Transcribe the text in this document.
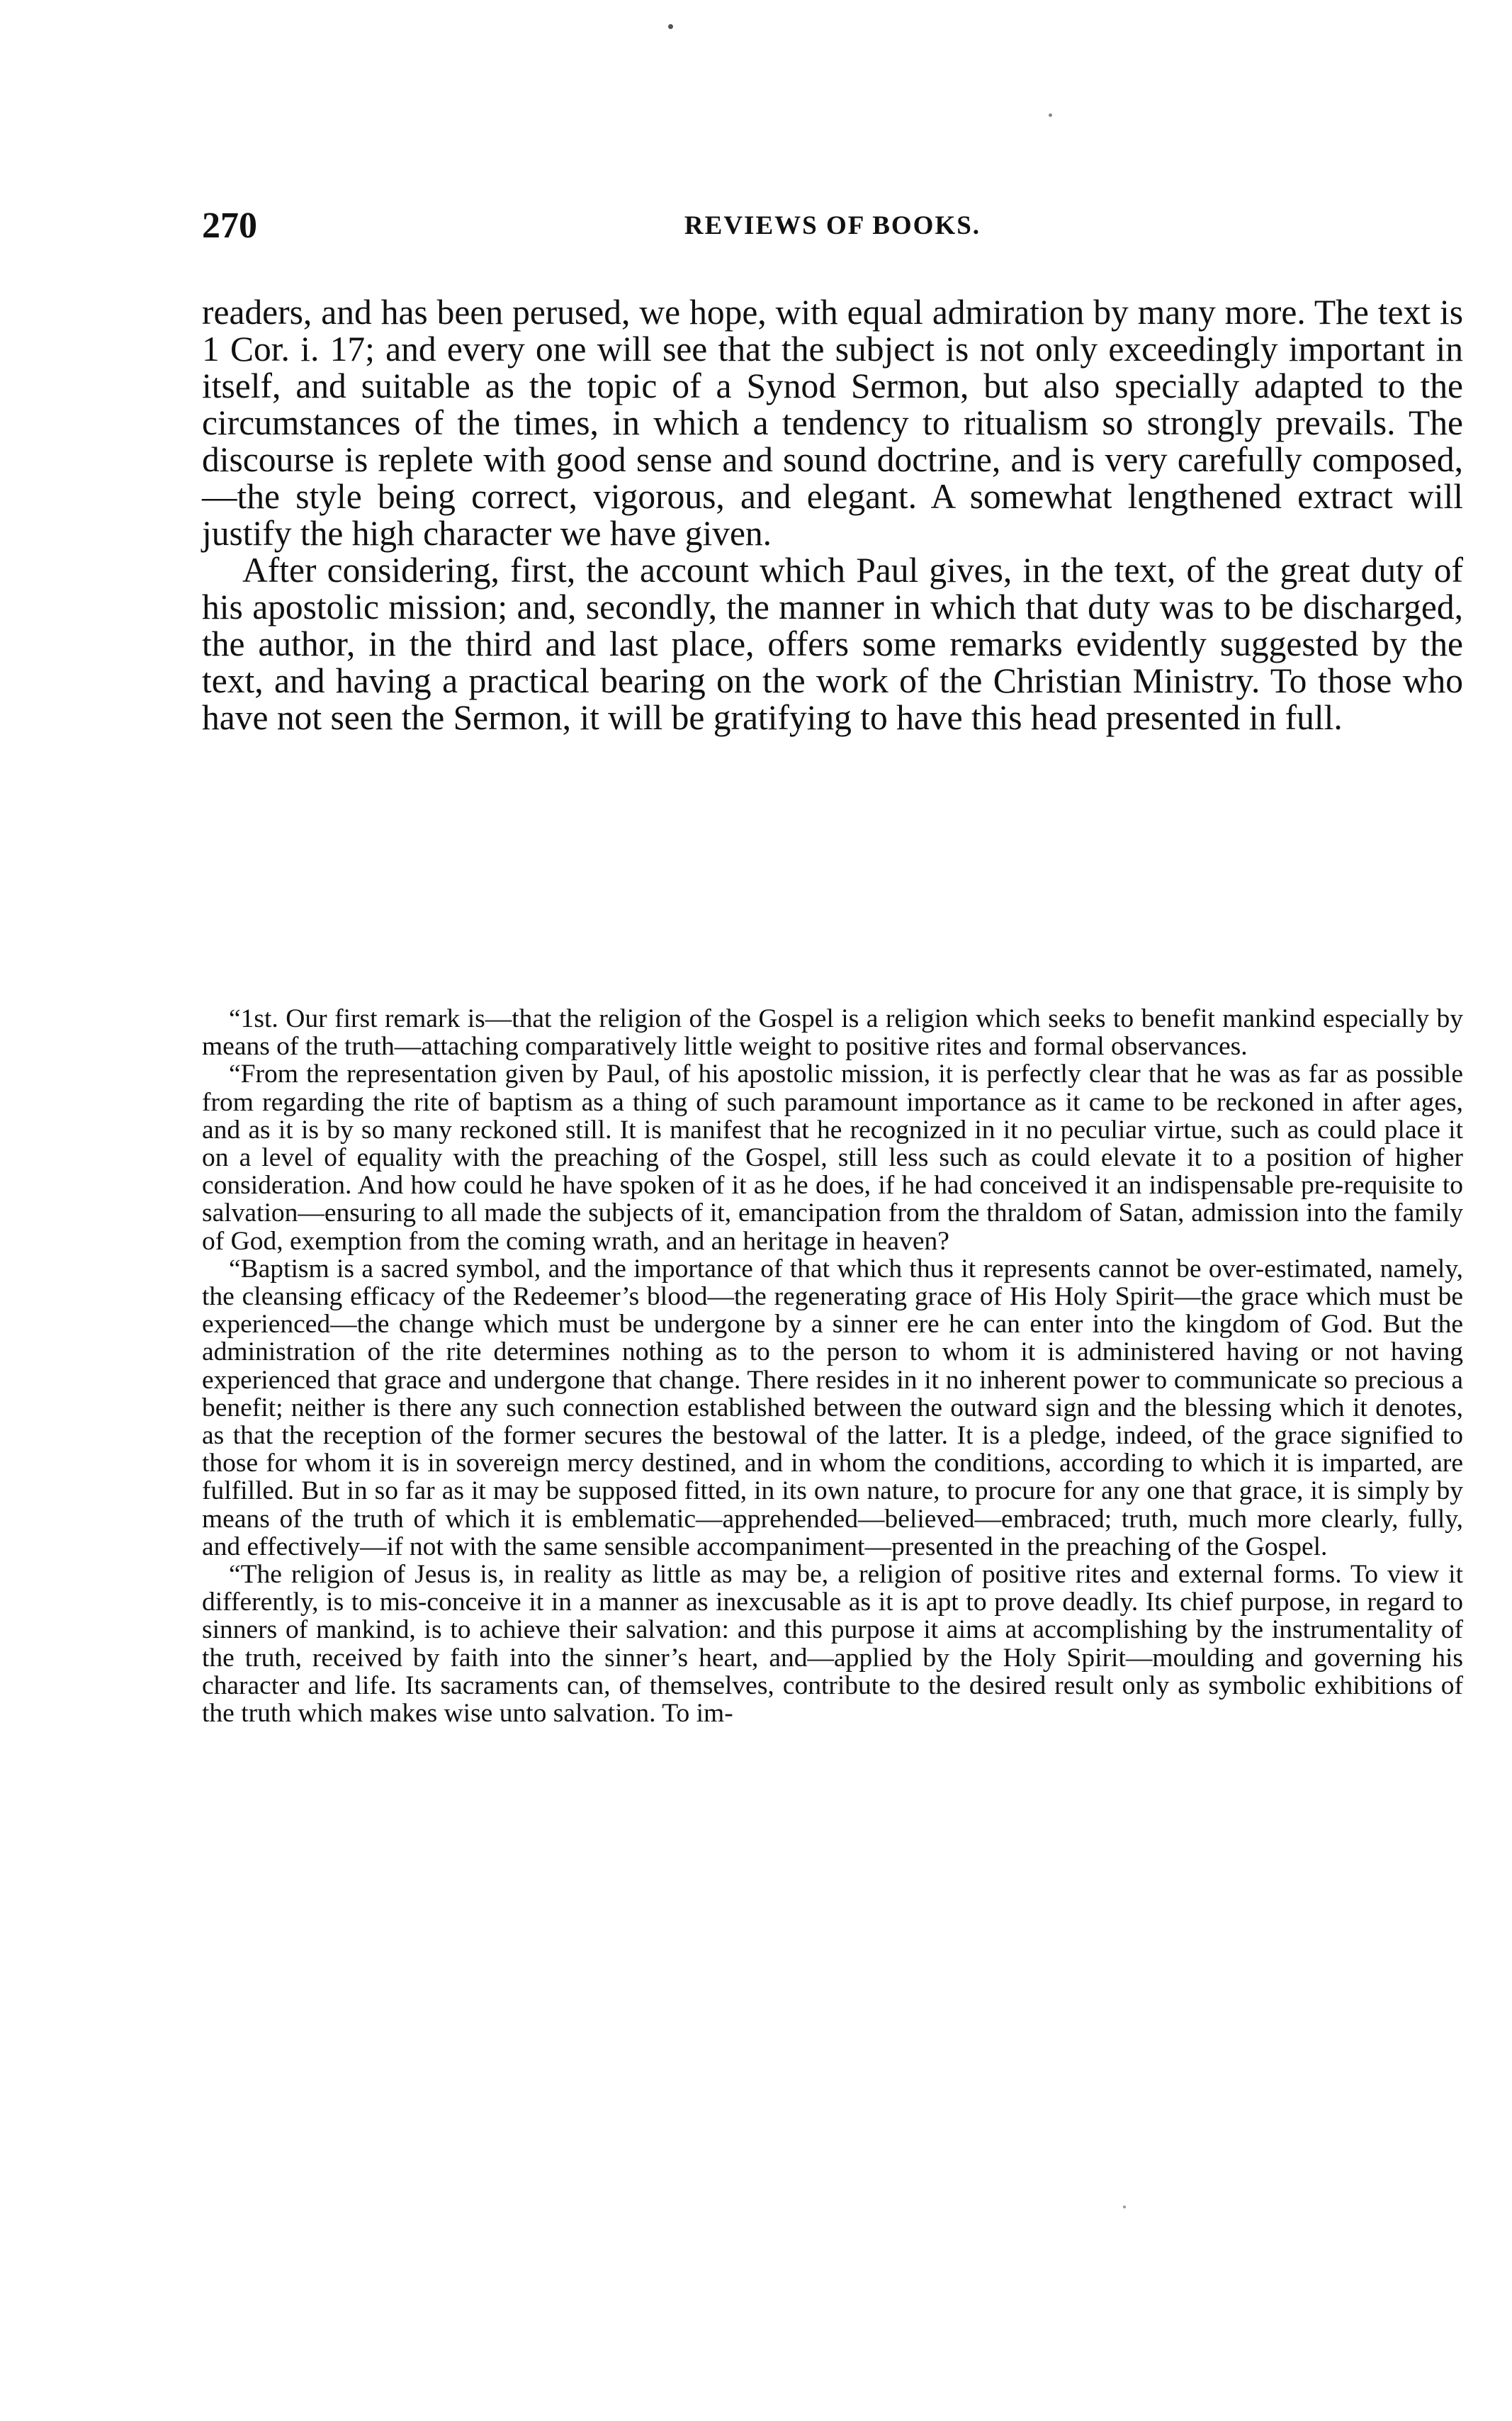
270	REVIEWS OF BOOKS.

readers, and has been perused, we hope, with equal admiration by many more. The text is 1 Cor. i. 17; and every one will see that the subject is not only exceedingly important in itself, and suitable as the topic of a Synod Sermon, but also specially adapted to the circumstances of the times, in which a tendency to ritualism so strongly prevails. The discourse is replete with good sense and sound doctrine, and is very carefully composed,—the style being correct, vigorous, and elegant. A somewhat lengthened extract will justify the high character we have given.

After considering, first, the account which Paul gives, in the text, of the great duty of his apostolic mission; and, secondly, the manner in which that duty was to be discharged, the author, in the third and last place, offers some remarks evidently suggested by the text, and having a practical bearing on the work of the Christian Ministry. To those who have not seen the Sermon, it will be gratifying to have this head presented in full.

“1st. Our first remark is—that the religion of the Gospel is a religion which seeks to benefit mankind especially by means of the truth—attaching comparatively little weight to positive rites and formal observances.

“From the representation given by Paul, of his apostolic mission, it is perfectly clear that he was as far as possible from regarding the rite of baptism as a thing of such paramount importance as it came to be reckoned in after ages, and as it is by so many reckoned still. It is manifest that he recognized in it no peculiar virtue, such as could place it on a level of equality with the preaching of the Gospel, still less such as could elevate it to a position of higher consideration. And how could he have spoken of it as he does, if he had conceived it an indispensable pre-requisite to salvation—ensuring to all made the subjects of it, emancipation from the thraldom of Satan, admission into the family of God, exemption from the coming wrath, and an heritage in heaven?

“Baptism is a sacred symbol, and the importance of that which thus it represents cannot be over-estimated, namely, the cleansing efficacy of the Redeemer’s blood—the regenerating grace of His Holy Spirit—the grace which must be experienced—the change which must be undergone by a sinner ere he can enter into the kingdom of God. But the administration of the rite determines nothing as to the person to whom it is administered having or not having experienced that grace and undergone that change. There resides in it no inherent power to communicate so precious a benefit; neither is there any such connection established between the outward sign and the blessing which it denotes, as that the reception of the former secures the bestowal of the latter. It is a pledge, indeed, of the grace signified to those for whom it is in sovereign mercy destined, and in whom the conditions, according to which it is imparted, are fulfilled. But in so far as it may be supposed fitted, in its own nature, to procure for any one that grace, it is simply by means of the truth of which it is emblematic—apprehended—believed—embraced; truth, much more clearly, fully, and effectively—if not with the same sensible accompaniment—presented in the preaching of the Gospel.

“The religion of Jesus is, in reality as little as may be, a religion of positive rites and external forms. To view it differently, is to mis-conceive it in a manner as inexcusable as it is apt to prove deadly. Its chief purpose, in regard to sinners of mankind, is to achieve their salvation: and this purpose it aims at accomplishing by the instrumentality of the truth, received by faith into the sinner’s heart, and—applied by the Holy Spirit—moulding and governing his character and life. Its sacraments can, of themselves, contribute to the desired result only as symbolic exhibitions of the truth which makes wise unto salvation. To im-
